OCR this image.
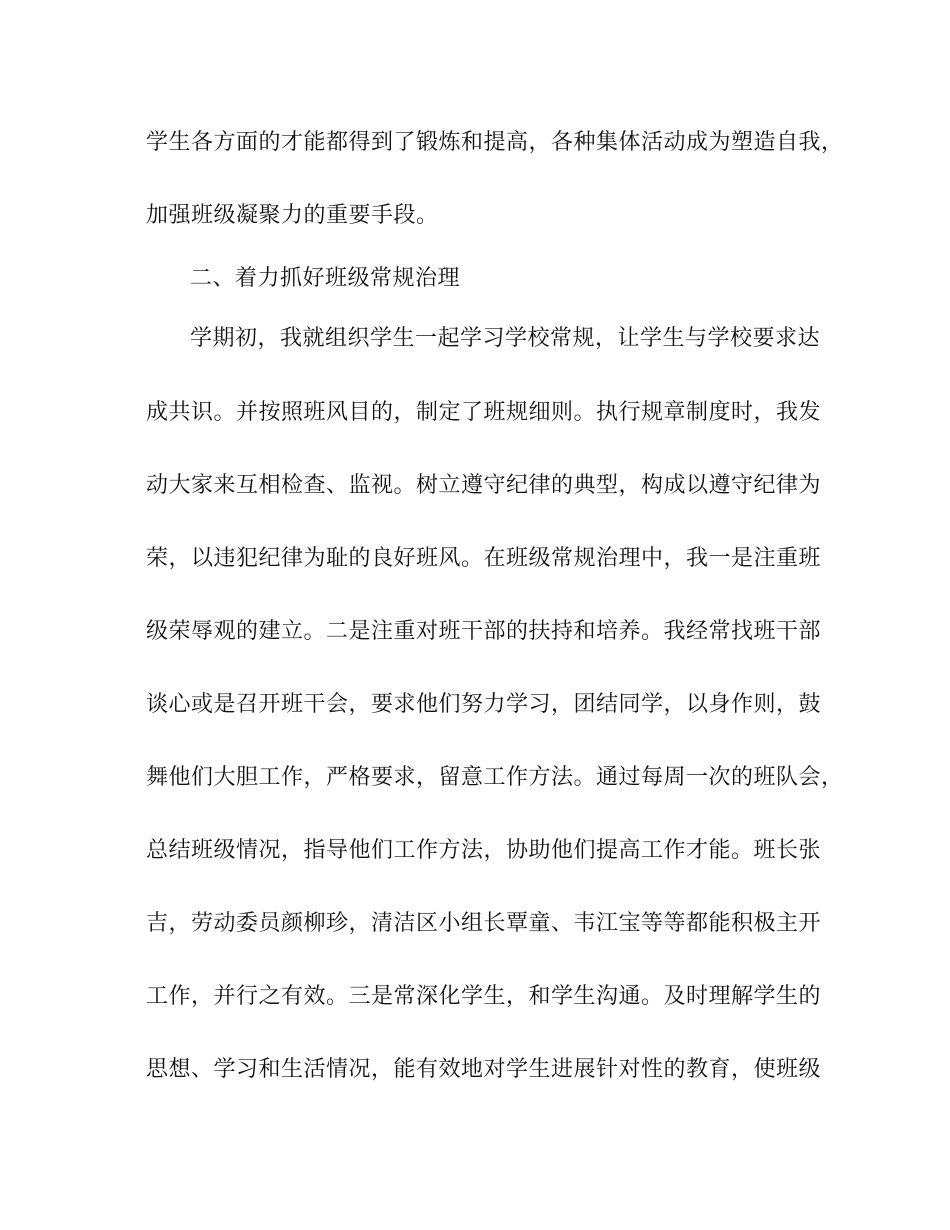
学生各方面的才能都得到了锻炼和提高，各种集体活动成为塑造自我，
加强班级凝聚力的重要手段。
二、着力抓好班级常规治理
学期初，我就组织学生一起学习学校常规，让学生与学校要求达
成共识。并按照班风目的，制定了班规细则。执行规章制度时，我发
动大家来互相检查、监视。树立遵守纪律的典型，构成以遵守纪律为
荣，以违犯纪律为耻的良好班风。在班级常规治理中，我一是注重班
级荣辱观的建立。二是注重对班干部的扶持和培养。我经常找班干部
谈心或是召开班干会，要求他们努力学习，团结同学，以身作则，鼓
舞他们大胆工作，严格要求，留意工作方法。通过每周一次的班队会，
总结班级情况，指导他们工作方法，协助他们提高工作才能。班长张
吉，劳动委员颜柳珍，清洁区小组长覃童、韦江宝等等都能积极主开
工作，并行之有效。三是常深化学生，和学生沟通。及时理解学生的
思想、学习和生活情况，能有效地对学生进展针对性的教育，使班级
